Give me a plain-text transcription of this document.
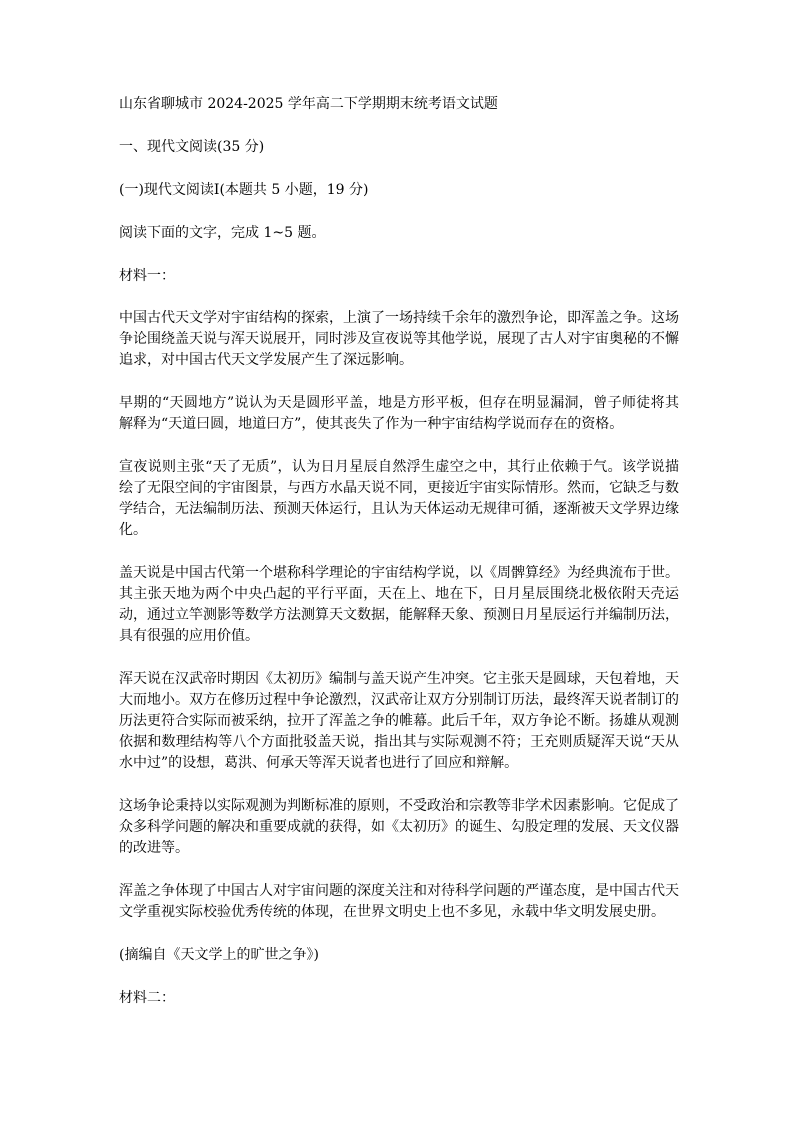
山东省聊城市 2024-2025 学年高二下学期期末统考语文试题

一、现代文阅读(35 分)

(一)现代文阅读Ⅰ(本题共 5 小题，19 分)

阅读下面的文字，完成 1~5 题。

材料一：

中国古代天文学对宇宙结构的探索，上演了一场持续千余年的激烈争论，即浑盖之争。这场争论围绕盖天说与浑天说展开，同时涉及宣夜说等其他学说，展现了古人对宇宙奥秘的不懈追求，对中国古代天文学发展产生了深远影响。

早期的“天圆地方”说认为天是圆形平盖，地是方形平板，但存在明显漏洞，曾子师徒将其解释为“天道曰圆，地道曰方”，使其丧失了作为一种宇宙结构学说而存在的资格。

宣夜说则主张“天了无质”，认为日月星辰自然浮生虚空之中，其行止依赖于气。该学说描绘了无限空间的宇宙图景，与西方水晶天说不同，更接近宇宙实际情形。然而，它缺乏与数学结合，无法编制历法、预测天体运行，且认为天体运动无规律可循，逐渐被天文学界边缘化。

盖天说是中国古代第一个堪称科学理论的宇宙结构学说，以《周髀算经》为经典流布于世。其主张天地为两个中央凸起的平行平面，天在上、地在下，日月星辰围绕北极依附天壳运动，通过立竿测影等数学方法测算天文数据，能解释天象、预测日月星辰运行并编制历法，具有很强的应用价值。

浑天说在汉武帝时期因《太初历》编制与盖天说产生冲突。它主张天是圆球，天包着地，天大而地小。双方在修历过程中争论激烈，汉武帝让双方分别制订历法，最终浑天说者制订的历法更符合实际而被采纳，拉开了浑盖之争的帷幕。此后千年，双方争论不断。扬雄从观测依据和数理结构等八个方面批驳盖天说，指出其与实际观测不符；王充则质疑浑天说“天从水中过”的设想，葛洪、何承天等浑天说者也进行了回应和辩解。

这场争论秉持以实际观测为判断标准的原则，不受政治和宗教等非学术因素影响。它促成了众多科学问题的解决和重要成就的获得，如《太初历》的诞生、勾股定理的发展、天文仪器的改进等。

浑盖之争体现了中国古人对宇宙问题的深度关注和对待科学问题的严谨态度，是中国古代天文学重视实际校验优秀传统的体现，在世界文明史上也不多见，永载中华文明发展史册。

(摘编自《天文学上的旷世之争》)

材料二：
